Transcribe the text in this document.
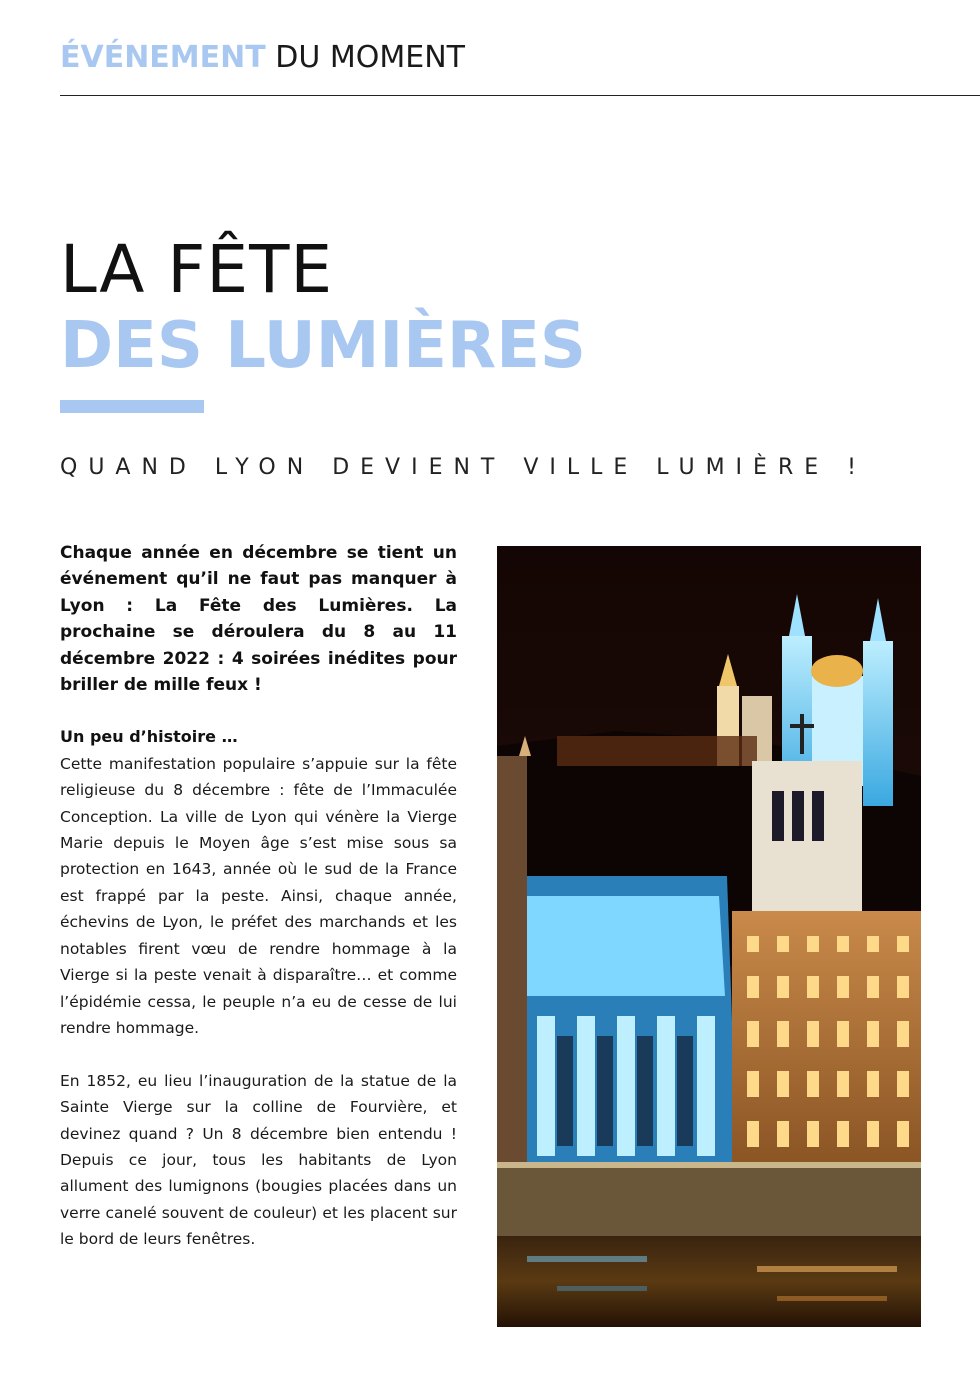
ÉVÉNEMENT DU MOMENT
LA FÊTE
DES LUMIÈRES
QUAND LYON DEVIENT VILLE LUMIÈRE !

Chaque année en décembre se tient un événement qu’il ne faut pas manquer à Lyon : La Fête des Lumières. La prochaine se déroulera du 8 au 11 décembre 2022 : 4 soirées inédites pour briller de mille feux !

Un peu d’histoire …

Cette manifestation populaire s’appuie sur la fête religieuse du 8 décembre : fête de l’Immaculée Conception. La ville de Lyon qui vénère la Vierge Marie depuis le Moyen âge s’est mise sous sa protection en 1643, année où le sud de la France est frappé par la peste. Ainsi, chaque année, échevins de Lyon, le préfet des marchands et les notables firent vœu de rendre hommage à la Vierge si la peste venait à disparaître… et comme l’épidémie cessa, le peuple n’a eu de cesse de lui rendre hommage.

En 1852, eu lieu l’inauguration de la statue de la Sainte Vierge sur la colline de Fourvière, et devinez quand ? Un 8 décembre bien entendu ! Depuis ce jour, tous les habitants de Lyon allument des lumignons (bougies placées dans un verre canelé souvent de couleur) et les placent sur le bord de leurs fenêtres.
